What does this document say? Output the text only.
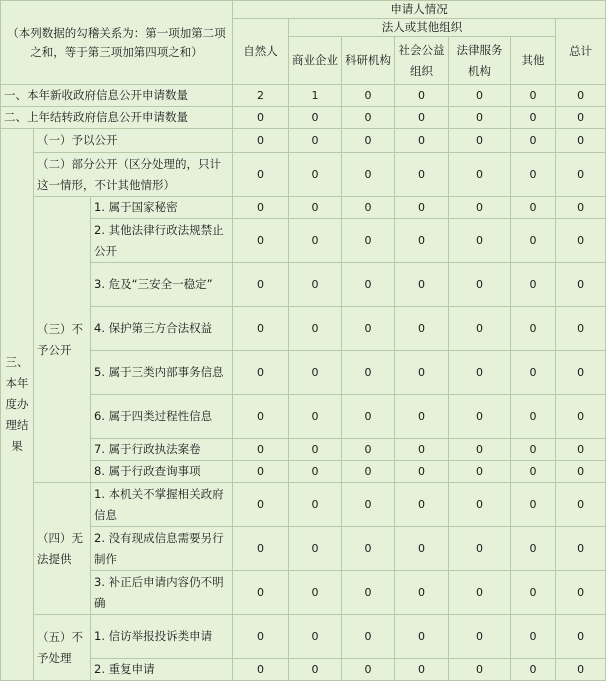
（本列数据的勾稽关系为：第一项加第二项之和，等于第三项加第四项之和）			申请人情况						
			自然人	法人或其他组织					总计
				商业企业	科研机构	社会公益组织	法律服务机构	其他	

一、本年新收政府信息公开申请数量			2	1	0	0	0	0	0
二、上年结转政府信息公开申请数量			0	0	0	0	0	0	0
三、本年度办理结果	（一）予以公开		0	0	0	0	0	0	0
	（二）部分公开（区分处理的，只计这一情形，不计其他情形）		0	0	0	0	0	0	0
	（三）不予公开	1. 属于国家秘密	0	0	0	0	0	0	0
		2. 其他法律行政法规禁止公开	0	0	0	0	0	0	0
		3. 危及“三安全一稳定”	0	0	0	0	0	0	0
		4. 保护第三方合法权益	0	0	0	0	0	0	0
		5. 属于三类内部事务信息	0	0	0	0	0	0	0
		6. 属于四类过程性信息	0	0	0	0	0	0	0
		7. 属于行政执法案卷	0	0	0	0	0	0	0
		8. 属于行政查询事项	0	0	0	0	0	0	0
	（四）无法提供	1. 本机关不掌握相关政府信息	0	0	0	0	0	0	0
		2. 没有现成信息需要另行制作	0	0	0	0	0	0	0
		3. 补正后申请内容仍不明确	0	0	0	0	0	0	0
	（五）不予处理	1. 信访举报投诉类申请	0	0	0	0	0	0	0
		2. 重复申请	0	0	0	0	0	0	0
